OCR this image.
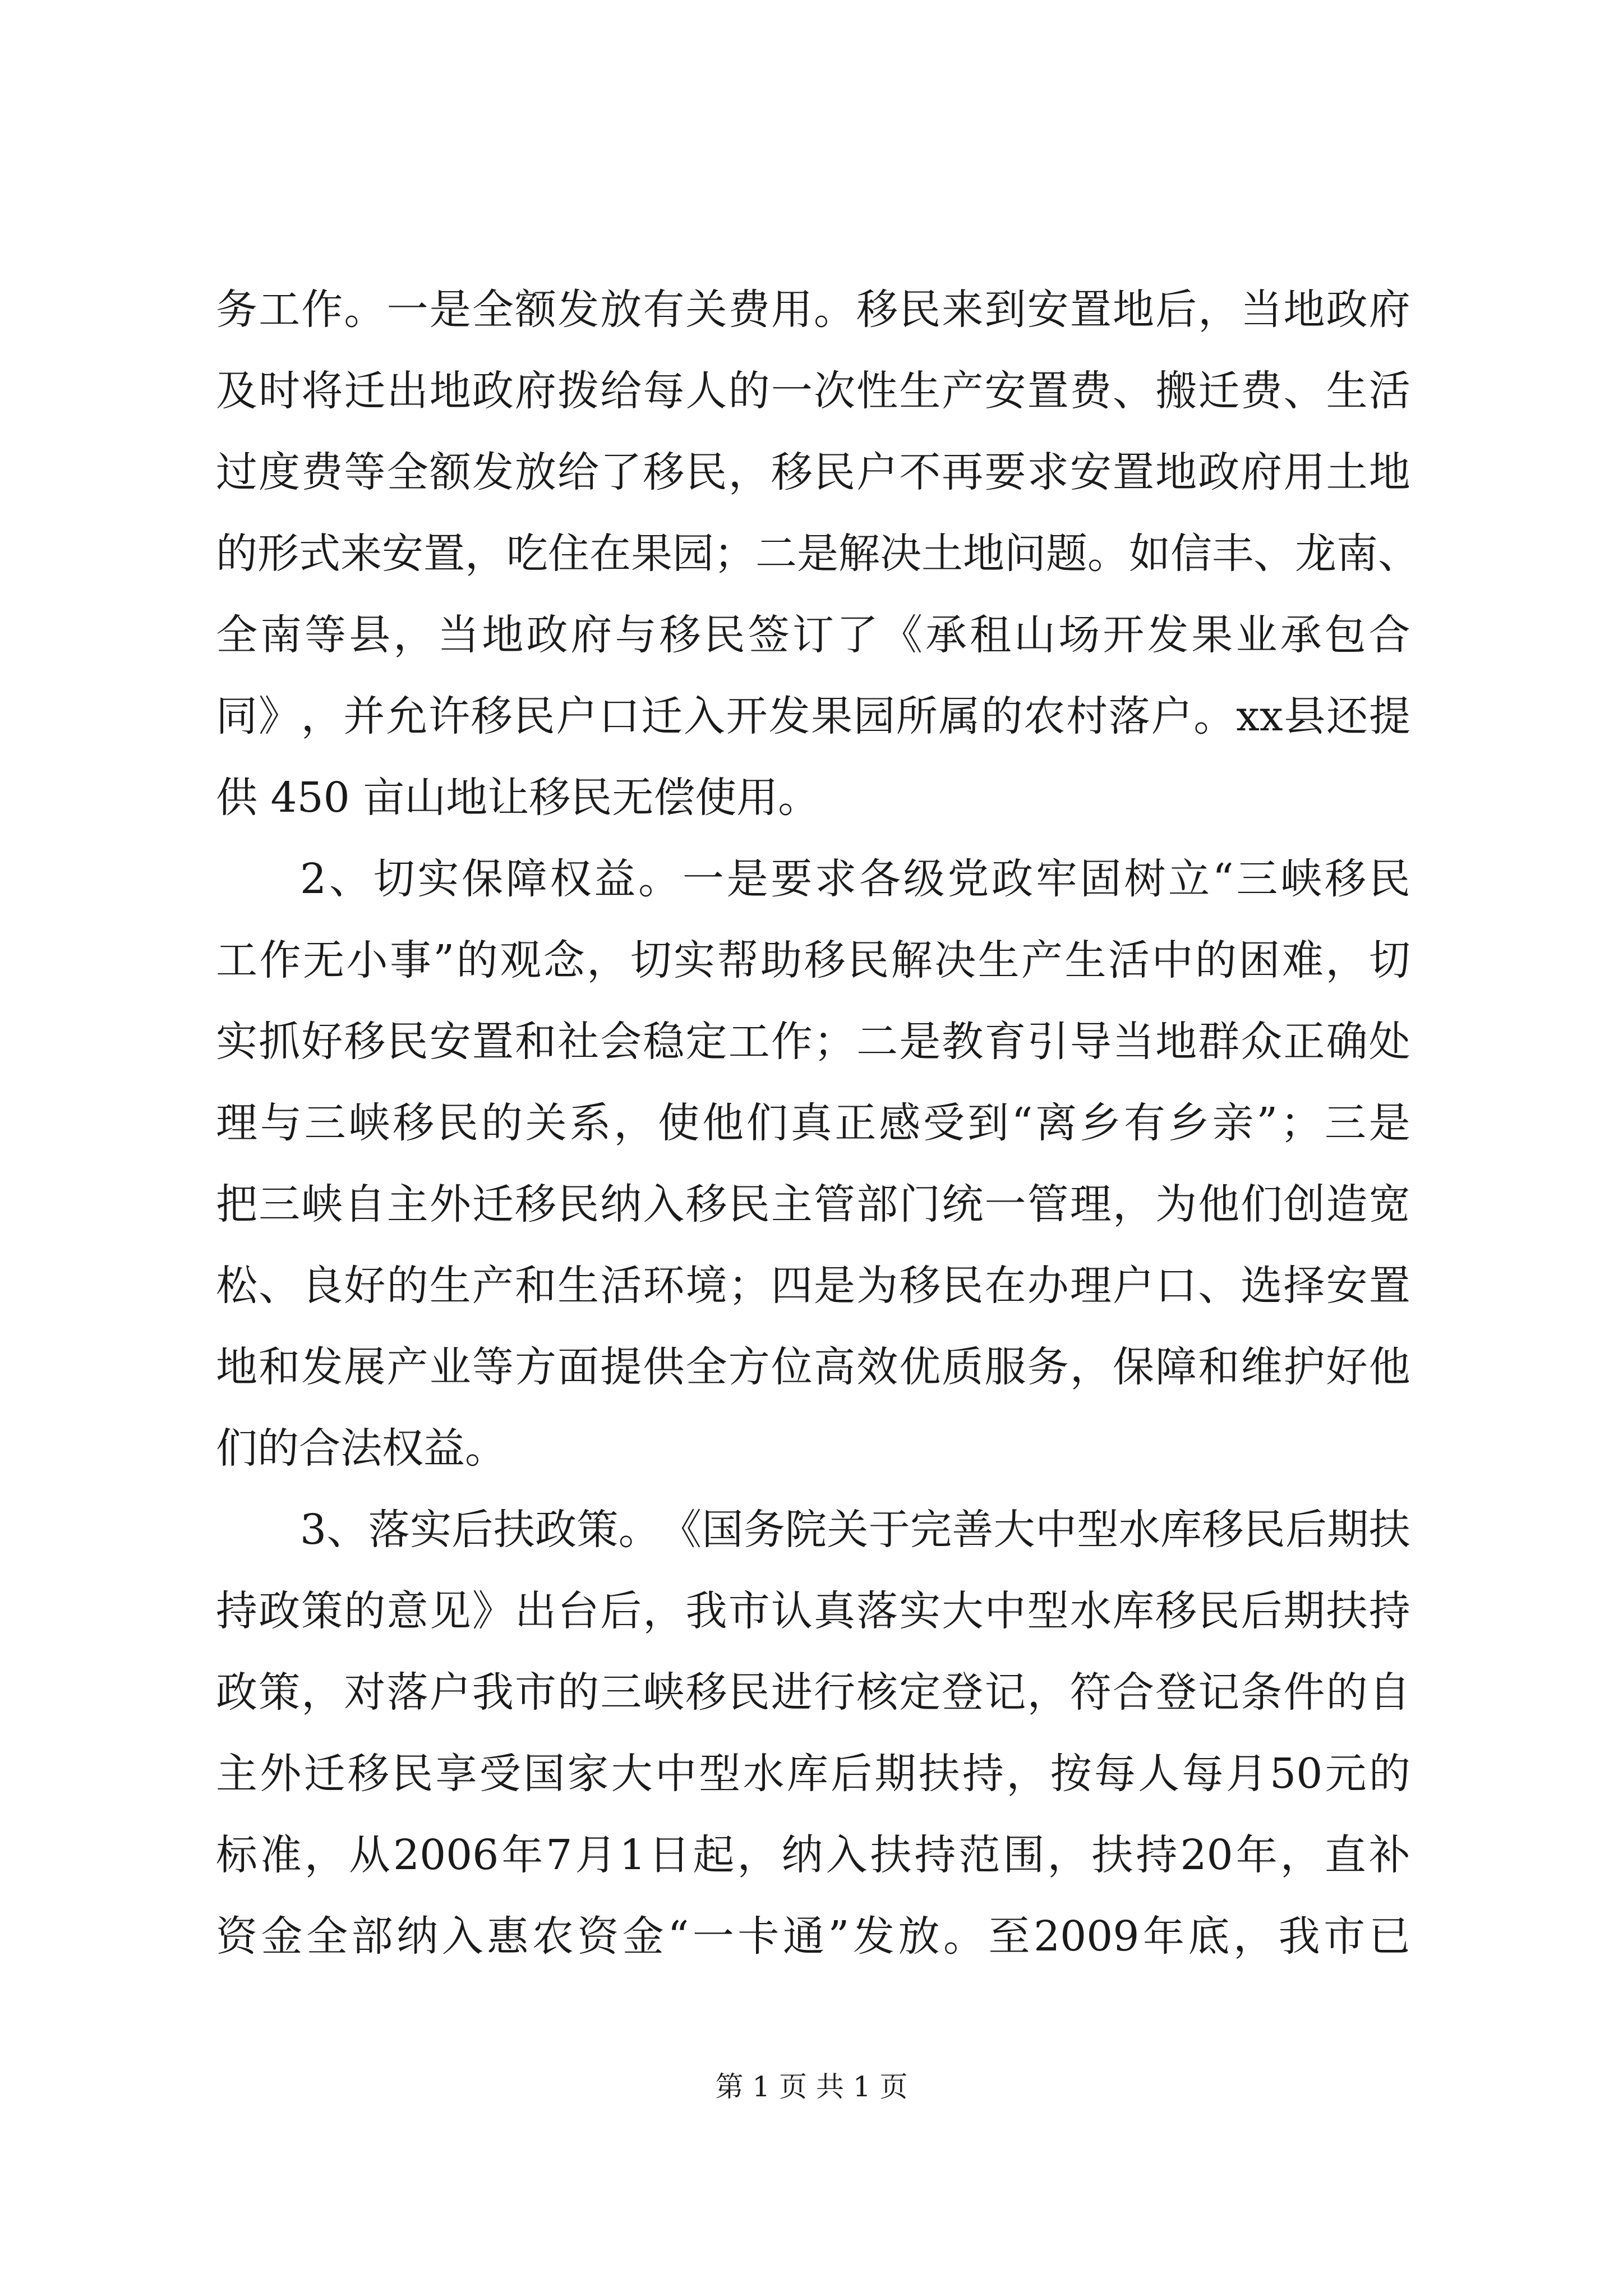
务 工 作 。 一 是 全 额 发 放 有 关 费 用 。 移 民 来 到 安 置 地 后 ， 当 地 政 府
及 时 将 迁 出 地 政 府 拨 给 每 人 的 一 次 性 生 产 安 置 费 、 搬 迁 费 、 生 活
过 度 费 等 全 额 发 放 给 了 移 民 ， 移 民 户 不 再 要 求 安 置 地 政 府 用 土 地
的 形 式 来 安 置 ， 吃 住 在 果 园 ； 二 是 解 决 土 地 问 题 。 如 信 丰 、 龙 南 、
全 南 等 县 ， 当 地 政 府 与 移 民 签 订 了 《 承 租 山 场 开 发 果 业 承 包 合
同 》 ， 并 允 许 移 民 户 口 迁 入 开 发 果 园 所 属 的 农 村 落 户 。 xx 县 还 提
供 450 亩山地让移民无偿使用。
2 、 切 实 保 障 权 益 。 一 是 要 求 各 级 党 政 牢 固 树 立 “ 三 峡 移 民
工 作 无 小 事 ” 的 观 念 ， 切 实 帮 助 移 民 解 决 生 产 生 活 中 的 困 难 ， 切
实 抓 好 移 民 安 置 和 社 会 稳 定 工 作 ； 二 是 教 育 引 导 当 地 群 众 正 确 处
理 与 三 峡 移 民 的 关 系 ， 使 他 们 真 正 感 受 到 “ 离 乡 有 乡 亲 ” ； 三 是
把 三 峡 自 主 外 迁 移 民 纳 入 移 民 主 管 部 门 统 一 管 理 ， 为 他 们 创 造 宽
松 、 良 好 的 生 产 和 生 活 环 境 ； 四 是 为 移 民 在 办 理 户 口 、 选 择 安 置
地 和 发 展 产 业 等 方 面 提 供 全 方 位 高 效 优 质 服 务 ， 保 障 和 维 护 好 他
们的合法权益。
3 、 落 实 后 扶 政 策 。 《 国 务 院 关 于 完 善 大 中 型 水 库 移 民 后 期 扶
持 政 策 的 意 见 》 出 台 后 ， 我 市 认 真 落 实 大 中 型 水 库 移 民 后 期 扶 持
政 策 ， 对 落 户 我 市 的 三 峡 移 民 进 行 核 定 登 记 ， 符 合 登 记 条 件 的 自
主 外 迁 移 民 享 受 国 家 大 中 型 水 库 后 期 扶 持 ， 按 每 人 每 月 50 元 的
标 准 ， 从 2006 年 7 月 1 日 起 ， 纳 入 扶 持 范 围 ， 扶 持 20 年 ， 直 补
资 金 全 部 纳 入 惠 农 资 金 “ 一 卡 通 ” 发 放 。 至 2009 年 底 ， 我 市 已
第 1 页 共 1 页
